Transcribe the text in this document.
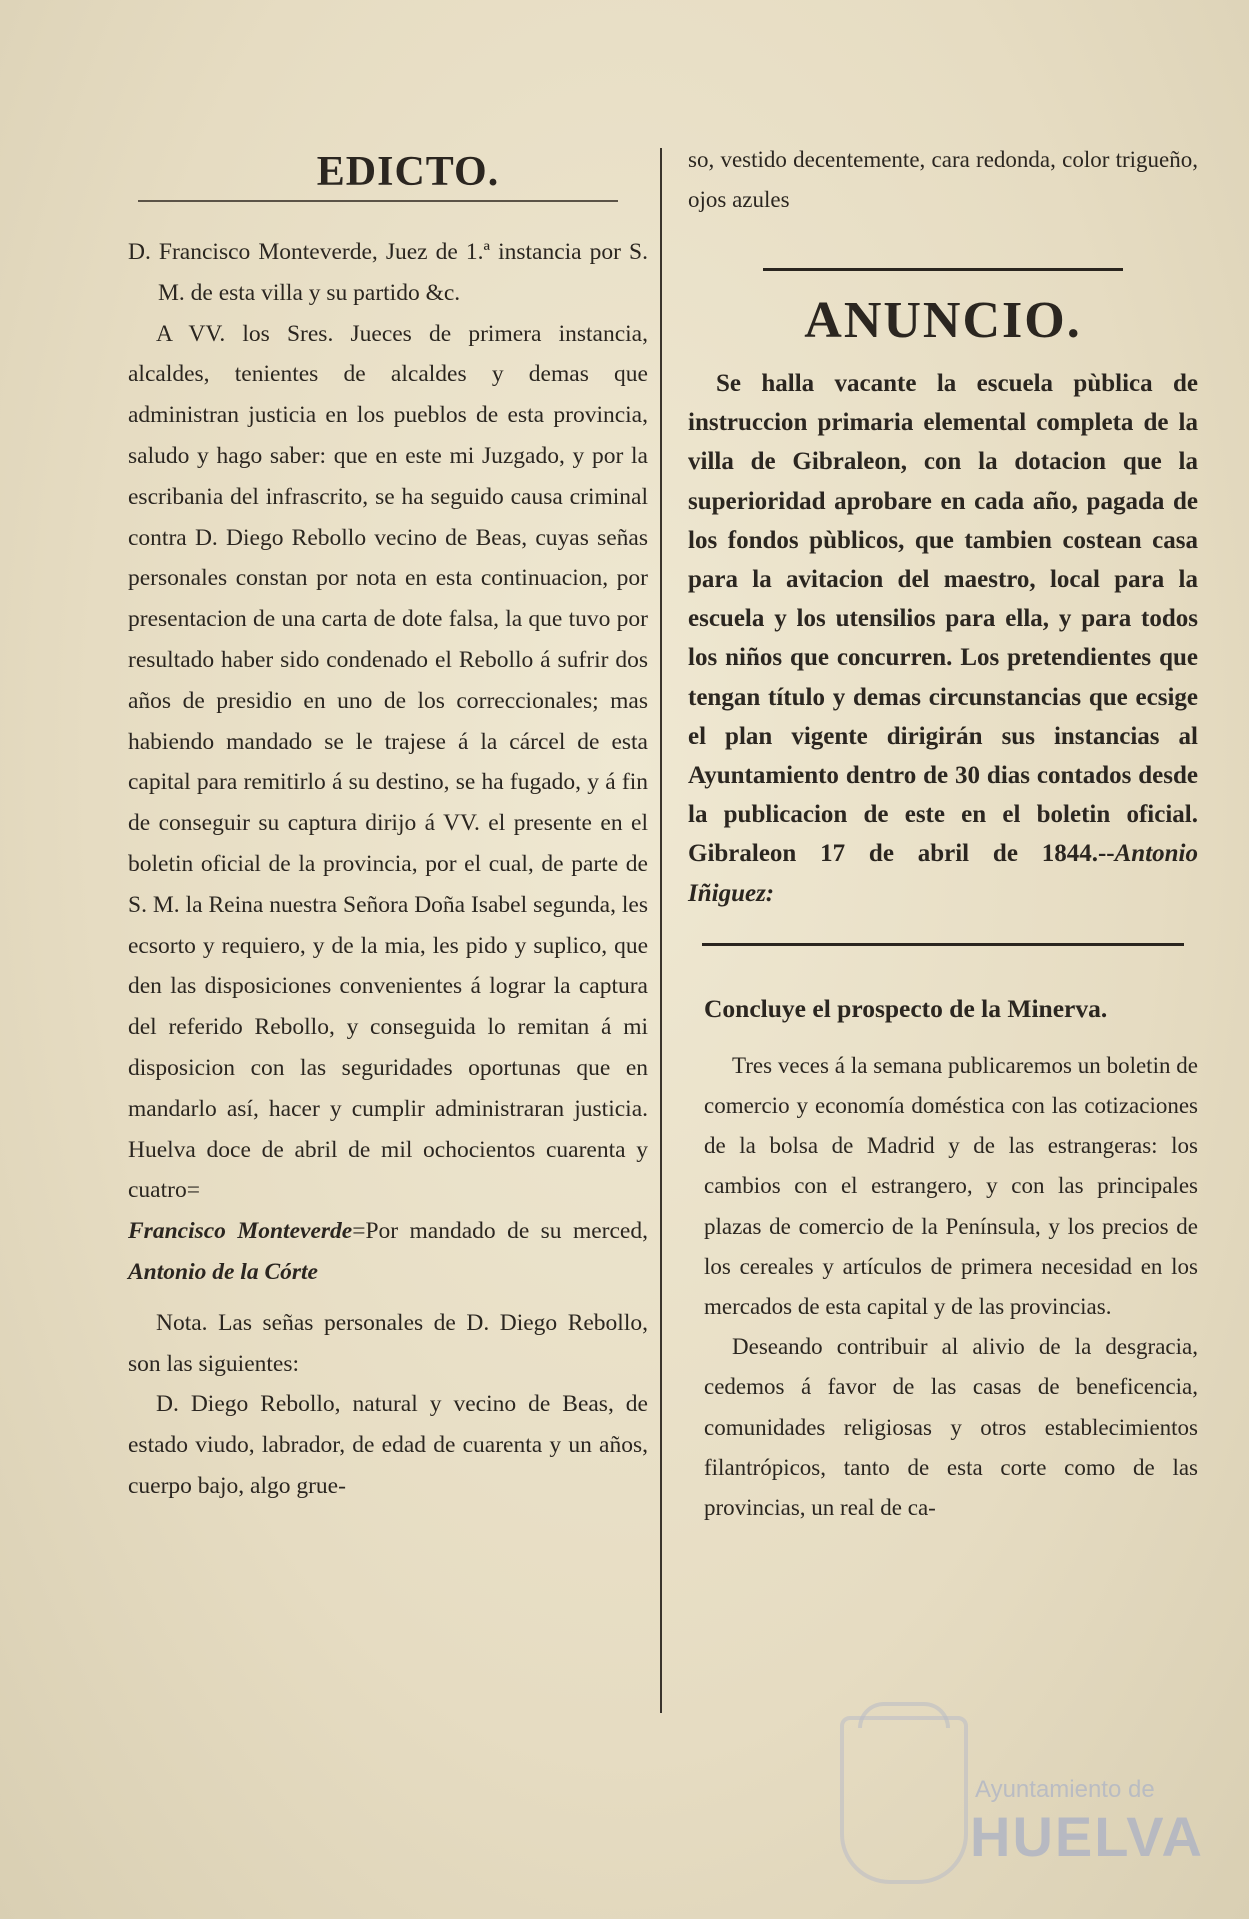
EDICTO.

D. Francisco Monteverde, Juez de 1.ª instancia por S. M. de esta villa y su partido &c.

A VV. los Sres. Jueces de primera instancia, alcaldes, tenientes de alcaldes y demas que administran justicia en los pueblos de esta provincia, saludo y hago saber: que en este mi Juzgado, y por la escribania del infrascrito, se ha seguido causa criminal contra D. Diego Rebollo vecino de Beas, cuyas señas personales constan por nota en esta continuacion, por presentacion de una carta de dote falsa, la que tuvo por resultado haber sido condenado el Rebollo á sufrir dos años de presidio en uno de los correccionales; mas habiendo mandado se le trajese á la cárcel de esta capital para remitirlo á su destino, se ha fugado, y á fin de conseguir su captura dirijo á VV. el presente en el boletin oficial de la provincia, por el cual, de parte de S. M. la Reina nuestra Señora Doña Isabel segunda, les ecsorto y requiero, y de la mia, les pido y suplico, que den las disposiciones convenientes á lograr la captura del referido Rebollo, y conseguida lo remitan á mi disposicion con las seguridades oportunas que en mandarlo así, hacer y cumplir administraran justicia. Huelva doce de abril de mil ochocientos cuarenta y cuatro=

Francisco Monteverde=Por mandado de su merced, Antonio de la Córte

Nota. Las señas personales de D. Diego Rebollo, son las siguientes:

D. Diego Rebollo, natural y vecino de Beas, de estado viudo, labrador, de edad de cuarenta y un años, cuerpo bajo, algo grue-

so, vestido decentemente, cara redonda, color trigueño, ojos azules

ANUNCIO.

Se halla vacante la escuela pùblica de instruccion primaria elemental completa de la villa de Gibraleon, con la dotacion que la superioridad aprobare en cada año, pagada de los fondos pùblicos, que tambien costean casa para la avitacion del maestro, local para la escuela y los utensilios para ella, y para todos los niños que concurren. Los pretendientes que tengan título y demas circunstancias que ecsige el plan vigente dirigirán sus instancias al Ayuntamiento dentro de 30 dias contados desde la publicacion de este en el boletin oficial. Gibraleon 17 de abril de 1844.--Antonio Iñiguez:

Concluye el prospecto de la Minerva.

Tres veces á la semana publicaremos un boletin de comercio y economía doméstica con las cotizaciones de la bolsa de Madrid y de las estrangeras: los cambios con el estrangero, y con las principales plazas de comercio de la Península, y los precios de los cereales y artículos de primera necesidad en los mercados de esta capital y de las provincias.

Deseando contribuir al alivio de la desgracia, cedemos á favor de las casas de beneficencia, comunidades religiosas y otros establecimientos filantrópicos, tanto de esta corte como de las provincias, un real de ca-

Ayuntamiento de
HUELVA
